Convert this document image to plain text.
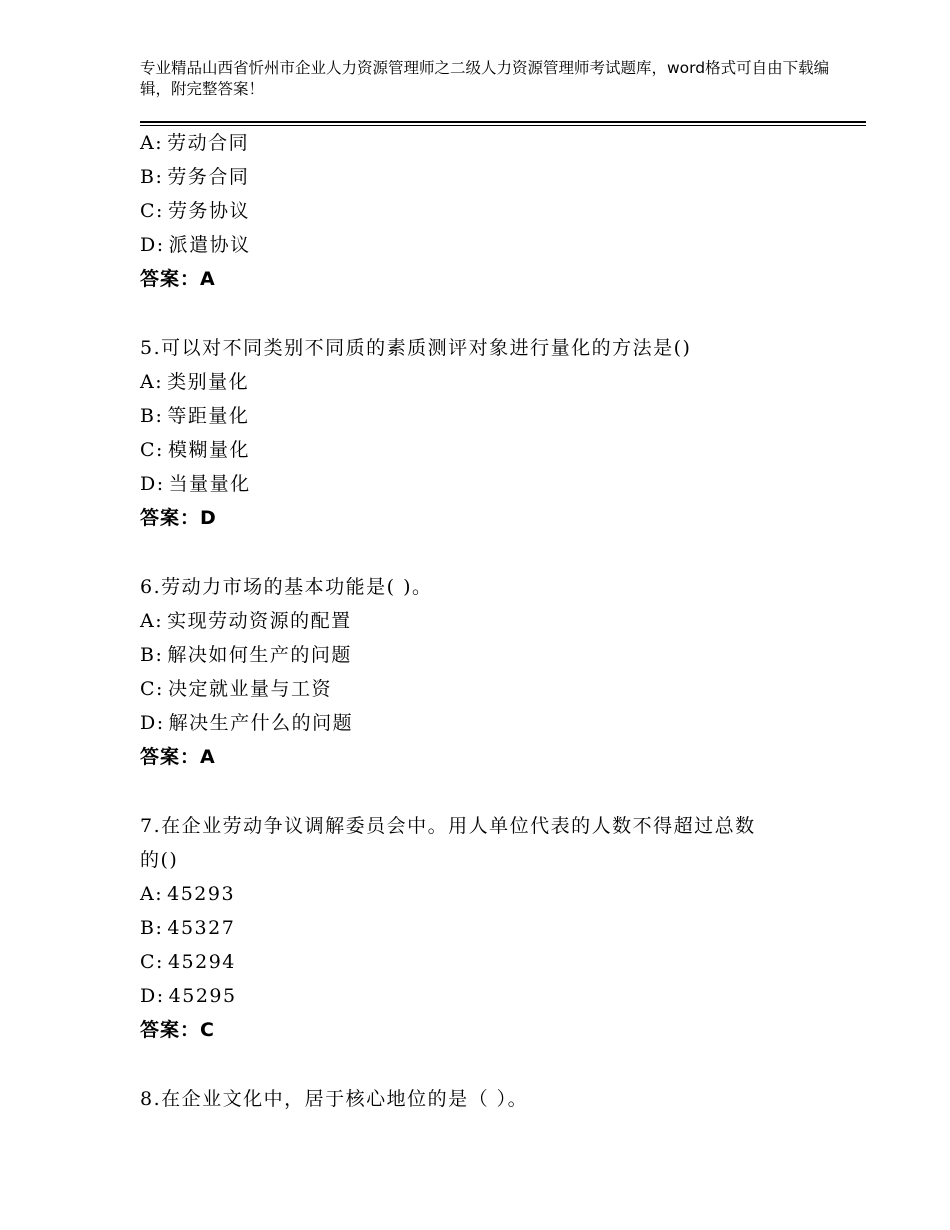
专业精品山西省忻州市企业人力资源管理师之二级人力资源管理师考试题库，word格式可自由下载编辑，附完整答案！
A: 劳动合同
B: 劳务合同
C: 劳务协议
D: 派遣协议
答案：A
5.可以对不同类别不同质的素质测评对象进行量化的方法是()
A: 类别量化
B: 等距量化
C: 模糊量化
D: 当量量化
答案：D
6.劳动力市场的基本功能是( )。
A: 实现劳动资源的配置
B: 解决如何生产的问题
C: 决定就业量与工资
D: 解决生产什么的问题
答案：A
7.在企业劳动争议调解委员会中。用人单位代表的人数不得超过总数
的()
A: 45293
B: 45327
C: 45294
D: 45295
答案：C
8.在企业文化中，居于核心地位的是（ ）。
